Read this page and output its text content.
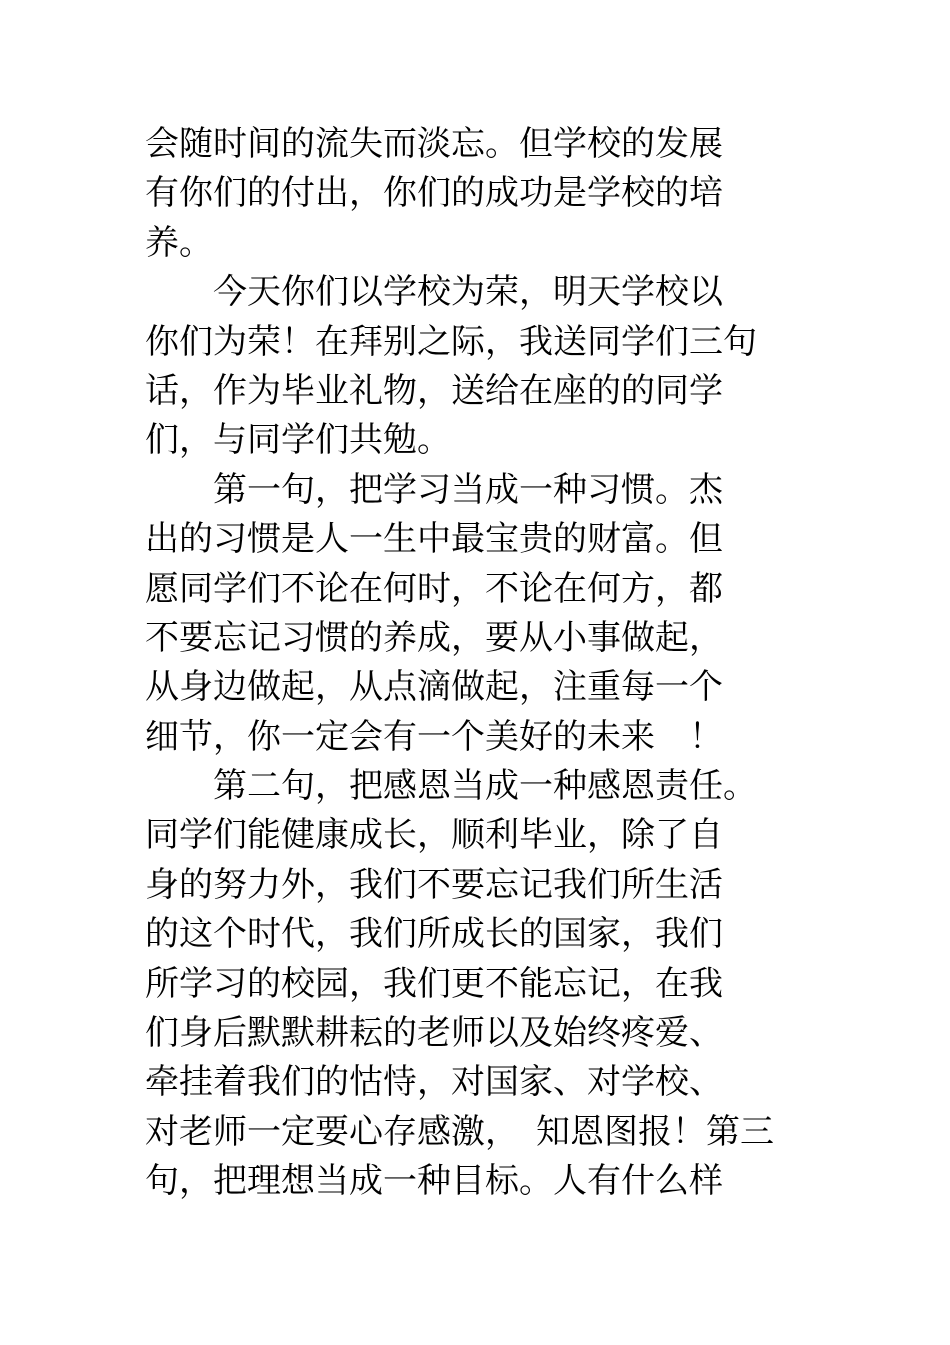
会随时间的流失而淡忘。但学校的发展
有你们的付出，你们的成功是学校的培
养。
　　今天你们以学校为荣，明天学校以
你们为荣！在拜别之际，我送同学们三句
话，作为毕业礼物，送给在座的的同学
们，与同学们共勉。
　　第一句，把学习当成一种习惯。杰
出的习惯是人一生中最宝贵的财富。但
愿同学们不论在何时，不论在何方，都
不要忘记习惯的养成，要从小事做起，
从身边做起，从点滴做起，注重每一个
细节，你一定会有一个美好的未来　！
　　第二句，把感恩当成一种感恩责任。
同学们能健康成长，顺利毕业，除了自
身的努力外，我们不要忘记我们所生活
的这个时代，我们所成长的国家，我们
所学习的校园，我们更不能忘记，在我
们身后默默耕耘的老师以及始终疼爱、
牵挂着我们的怙恃，对国家、对学校、
对老师一定要心存感激，　知恩图报！第三
句，把理想当成一种目标。人有什么样
